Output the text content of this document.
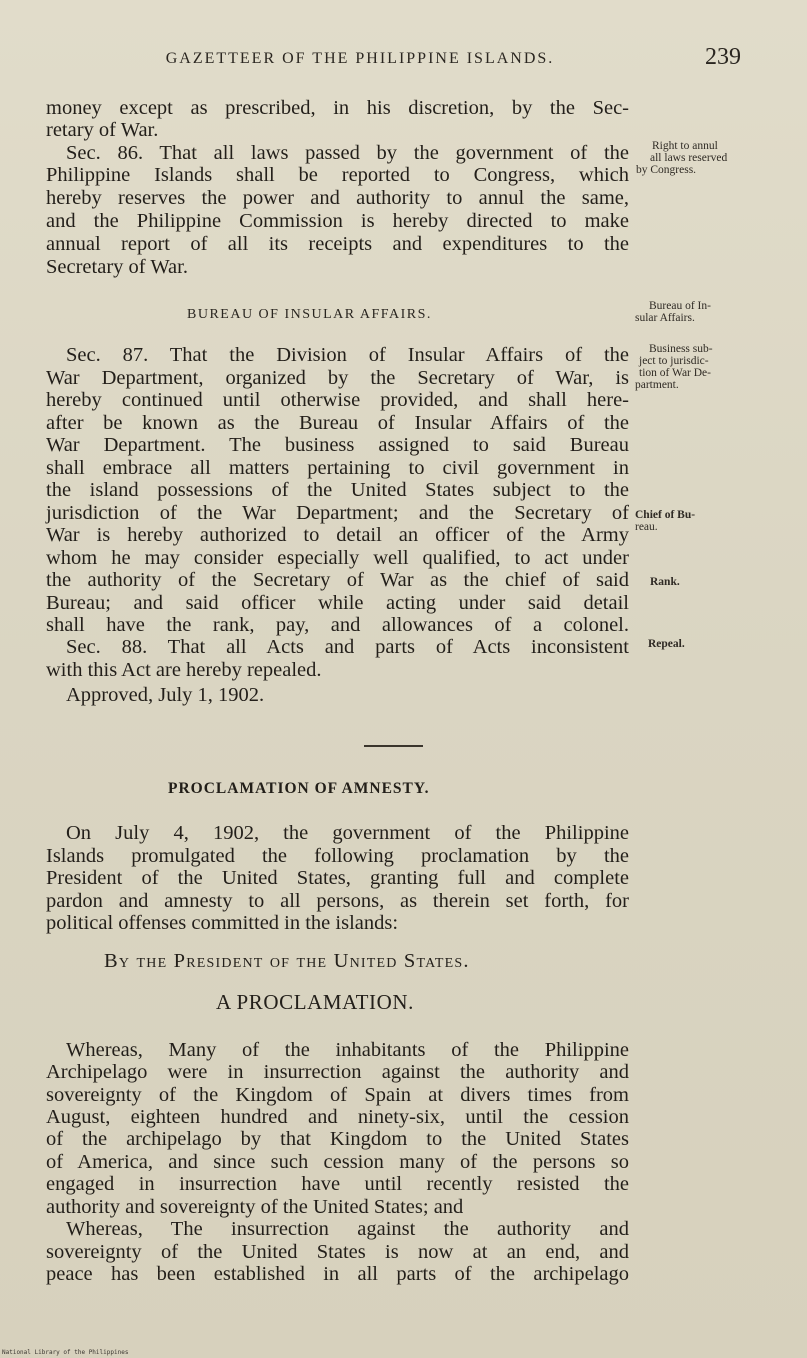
GAZETTEER OF THE PHILIPPINE ISLANDS.	239
money except as prescribed, in his discretion, by the Sec-
retary of War.
Sec. 86. That all laws passed by the government of the
Philippine Islands shall be reported to Congress, which
hereby reserves the power and authority to annul the same,
and the Philippine Commission is hereby directed to make
annual report of all its receipts and expenditures to the
Secretary of War.
BUREAU OF INSULAR AFFAIRS.
Sec. 87. That the Division of Insular Affairs of the
War Department, organized by the Secretary of War, is
hereby continued until otherwise provided, and shall here-
after be known as the Bureau of Insular Affairs of the
War Department. The business assigned to said Bureau
shall embrace all matters pertaining to civil government in
the island possessions of the United States subject to the
jurisdiction of the War Department; and the Secretary of
War is hereby authorized to detail an officer of the Army
whom he may consider especially well qualified, to act under
the authority of the Secretary of War as the chief of said
Bureau; and said officer while acting under said detail
shall have the rank, pay, and allowances of a colonel.
Sec. 88. That all Acts and parts of Acts inconsistent
with this Act are hereby repealed.
Approved, July 1, 1902.
PROCLAMATION OF AMNESTY.
On July 4, 1902, the government of the Philippine
Islands promulgated the following proclamation by the
President of the United States, granting full and complete
pardon and amnesty to all persons, as therein set forth, for
political offenses committed in the islands:
By the President of the United States.
A PROCLAMATION.
Whereas, Many of the inhabitants of the Philippine
Archipelago were in insurrection against the authority and
sovereignty of the Kingdom of Spain at divers times from
August, eighteen hundred and ninety-six, until the cession
of the archipelago by that Kingdom to the United States
of America, and since such cession many of the persons so
engaged in insurrection have until recently resisted the
authority and sovereignty of the United States; and
Whereas, The insurrection against the authority and
sovereignty of the United States is now at an end, and
peace has been established in all parts of the archipelago
Right to annul
all laws reserved
by Congress.
Bureau of In-
sular Affairs.
Business sub-
ject to jurisdic-
tion of War De-
partment.
Chief of Bu-
reau.
Rank.
Repeal.
National Library of the Philippines
